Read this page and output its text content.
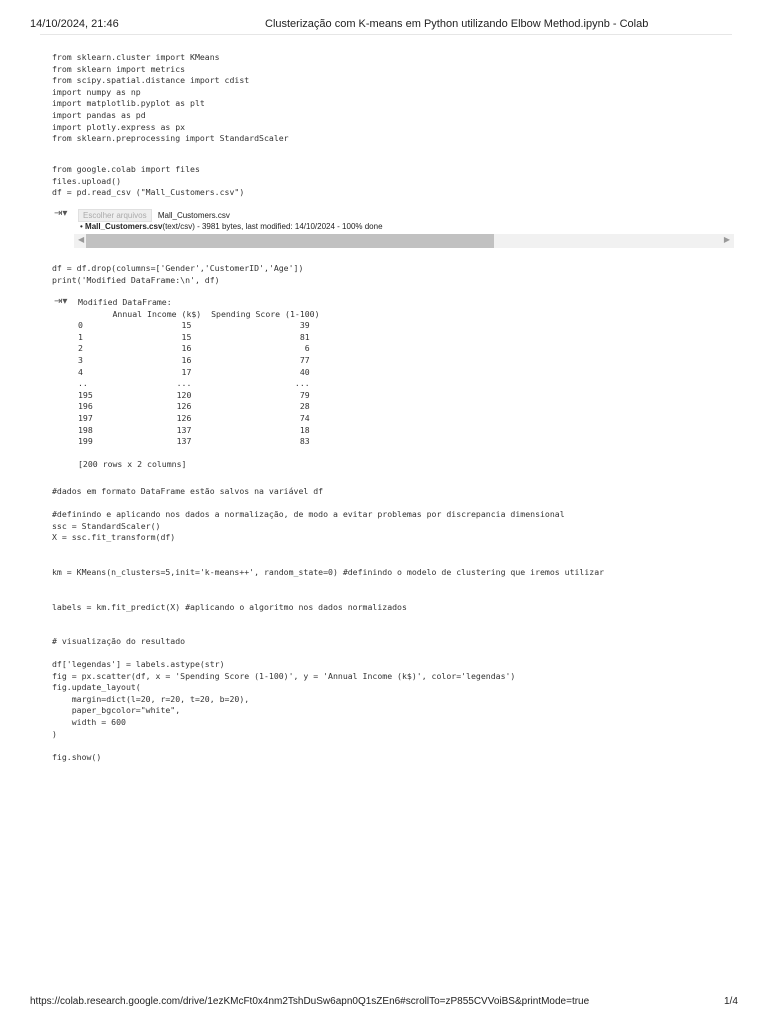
14/10/2024, 21:46	Clusterização com K-means em Python utilizando Elbow Method.ipynb - Colab
from sklearn.cluster import KMeans
from sklearn import metrics
from scipy.spatial.distance import cdist
import numpy as np
import matplotlib.pyplot as plt
import pandas as pd
import plotly.express as px
from sklearn.preprocessing import StandardScaler
from google.colab import files
files.upload()
df = pd.read_csv ("Mall_Customers.csv")
⇥▾	Escolher arquivos Mall_Customers.csv
• Mall_Customers.csv(text/csv) - 3981 bytes, last modified: 14/10/2024 - 100% done
◀	▶
df = df.drop(columns=['Gender','CustomerID','Age'])
print('Modified DataFrame:\n', df)
⇥▾ Modified DataFrame:
Annual Income (k$)  Spending Score (1-100)
0                    15                      39
1                    15                      81
2                    16                       6
3                    16                      77
4                    17                      40
..                  ...                     ...
195                 120                      79
196                 126                      28
197                 126                      74
198                 137                      18
199                 137                      83

[200 rows x 2 columns]
#dados em formato DataFrame estão salvos na variável df
#definindo e aplicando nos dados a normalização, de modo a evitar problemas por discrepancia dimensional
ssc = StandardScaler()
X = ssc.fit_transform(df)
km = KMeans(n_clusters=5,init='k-means++', random_state=0) #definindo o modelo de clustering que iremos utilizar
labels = km.fit_predict(X) #aplicando o algoritmo nos dados normalizados
# visualização do resultado
df['legendas'] = labels.astype(str)
fig = px.scatter(df, x = 'Spending Score (1-100)', y = 'Annual Income (k$)', color='legendas')
fig.update_layout(
margin=dict(l=20, r=20, t=20, b=20),
paper_bgcolor="white",
width = 600
)
fig.show()
https://colab.research.google.com/drive/1ezKMcFt0x4nm2TshDuSw6apn0Q1sZEn6#scrollTo=zP855CVVoiBS&printMode=true	1/4
